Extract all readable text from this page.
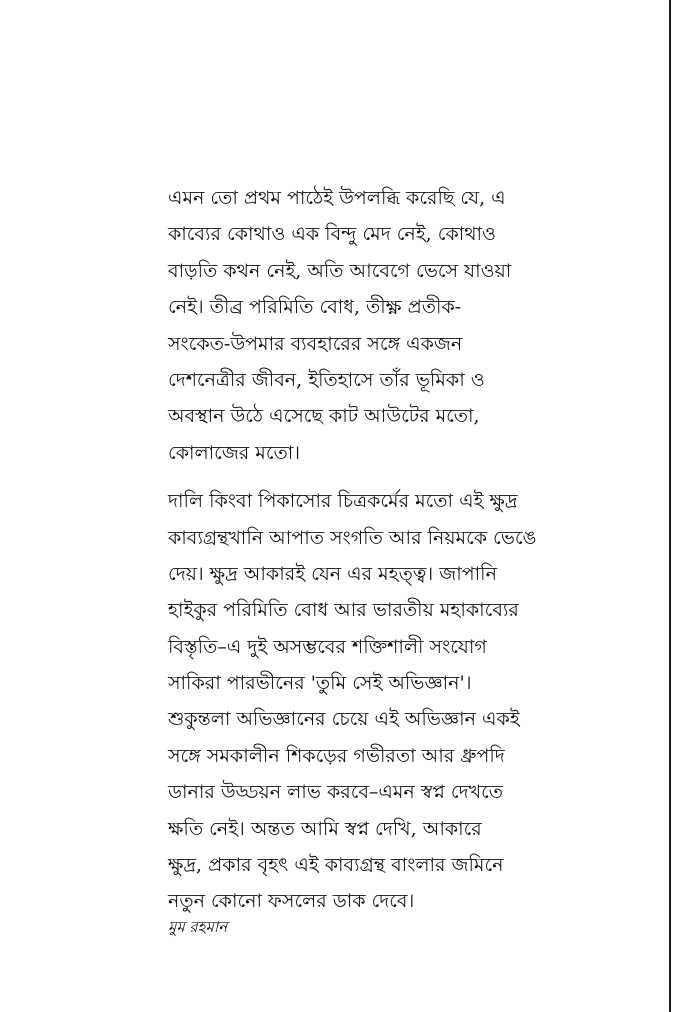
এমন তো প্রথম পাঠেই উপলব্ধি করেছি যে, এ
কাব্যের কোথাও এক বিন্দু মেদ নেই, কোথাও
বাড়তি কথন নেই, অতি আবেগে ভেসে যাওয়া
নেই। তীব্র পরিমিতি বোধ, তীক্ষ্ণ প্রতীক-
সংকেত-উপমার ব্যবহারের সঙ্গে একজন
দেশনেত্রীর জীবন, ইতিহাসে তাঁর ভূমিকা ও
অবস্থান উঠে এসেছে কাট আউটের মতো,
কোলাজের মতো।
দালি কিংবা পিকাসোর চিত্রকর্মের মতো এই ক্ষুদ্র
কাব্যগ্রন্থখানি আপাত সংগতি আর নিয়মকে ভেঙে
দেয়। ক্ষুদ্র আকারই যেন এর মহত্ত্ব। জাপানি
হাইকুর পরিমিতি বোধ আর ভারতীয় মহাকাব্যের
বিস্তৃতি–এ দুই অসম্ভবের শক্তিশালী সংযোগ
সাকিরা পারভীনের 'তুমি সেই অভিজ্ঞান'।
শুকুন্তলা অভিজ্ঞানের চেয়ে এই অভিজ্ঞান একই
সঙ্গে সমকালীন শিকড়ের গভীরতা আর ধ্রুপদি
ডানার উড্ডয়ন লাভ করবে–এমন স্বপ্ন দেখতে
ক্ষতি নেই। অন্তত আমি স্বপ্ন দেখি, আকারে
ক্ষুদ্র, প্রকার বৃহৎ এই কাব্যগ্রন্থ বাংলার জমিনে
নতুন কোনো ফসলের ডাক দেবে।
মুম রহমান
